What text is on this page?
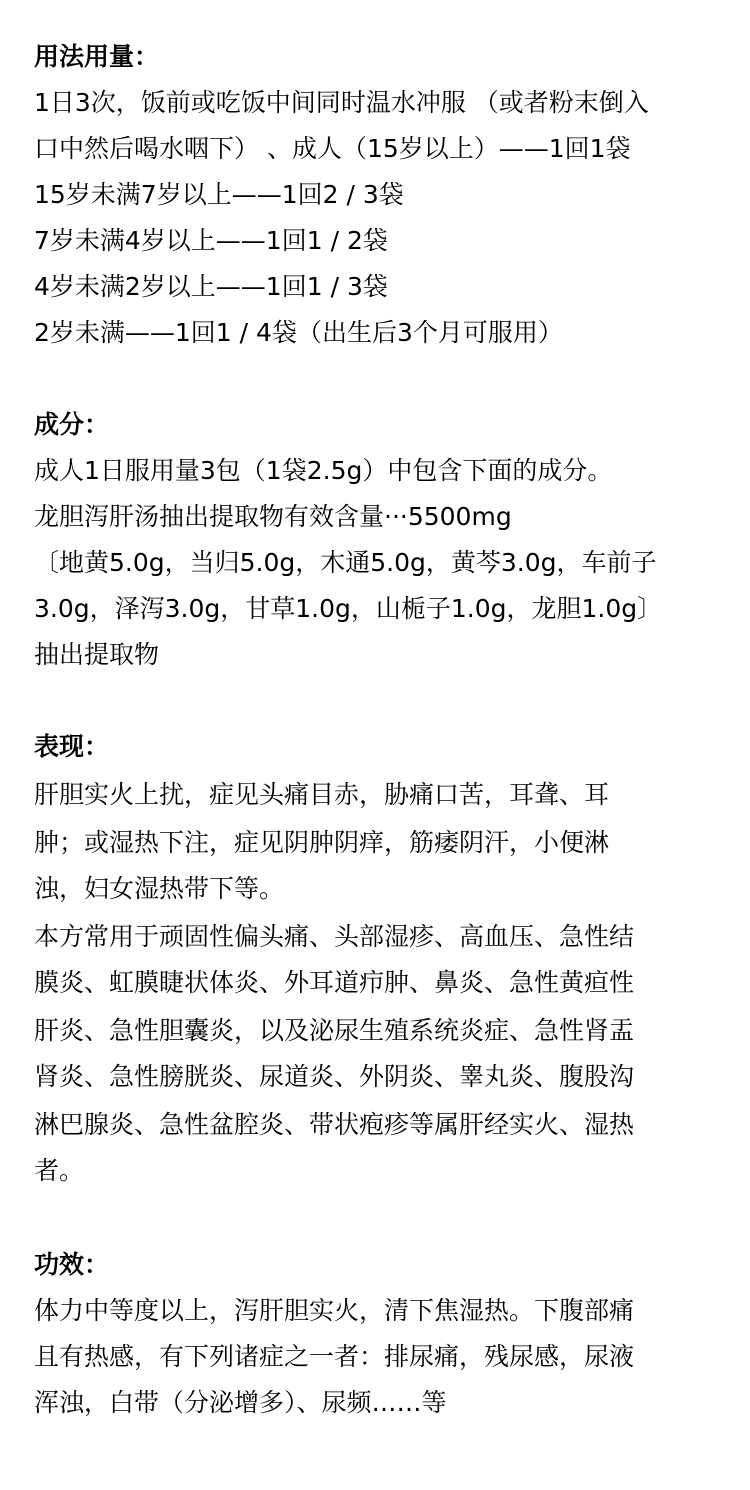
用法用量：
1日3次，饭前或吃饭中间同时温水冲服 （或者粉末倒入
口中然后喝水咽下） 、成人（15岁以上）——1回1袋
15岁未满7岁以上——1回2 / 3袋
7岁未满4岁以上——1回1 / 2袋
4岁未满2岁以上——1回1 / 3袋
2岁未满——1回1 / 4袋（出生后3个月可服用）
成分：
成人1日服用量3包（1袋2.5g）中包含下面的成分。
龙胆泻肝汤抽出提取物有效含量···5500mg
〔地黄5.0g，当归5.0g，木通5.0g，黄芩3.0g，车前子
3.0g，泽泻3.0g，甘草1.0g，山栀子1.0g，龙胆1.0g〕
抽出提取物
表现：
肝胆实火上扰，症见头痛目赤，胁痛口苦，耳聋、耳
肿；或湿热下注，症见阴肿阴痒，筋痿阴汗，小便淋
浊，妇女湿热带下等。
本方常用于顽固性偏头痛、头部湿疹、高血压、急性结
膜炎、虹膜睫状体炎、外耳道疖肿、鼻炎、急性黄疸性
肝炎、急性胆囊炎，以及泌尿生殖系统炎症、急性肾盂
肾炎、急性膀胱炎、尿道炎、外阴炎、睾丸炎、腹股沟
淋巴腺炎、急性盆腔炎、带状疱疹等属肝经实火、湿热
者。
功效：
体力中等度以上，泻肝胆实火，清下焦湿热。下腹部痛
且有热感，有下列诸症之一者：排尿痛，残尿感，尿液
浑浊，白带（分泌增多）、尿频……等
